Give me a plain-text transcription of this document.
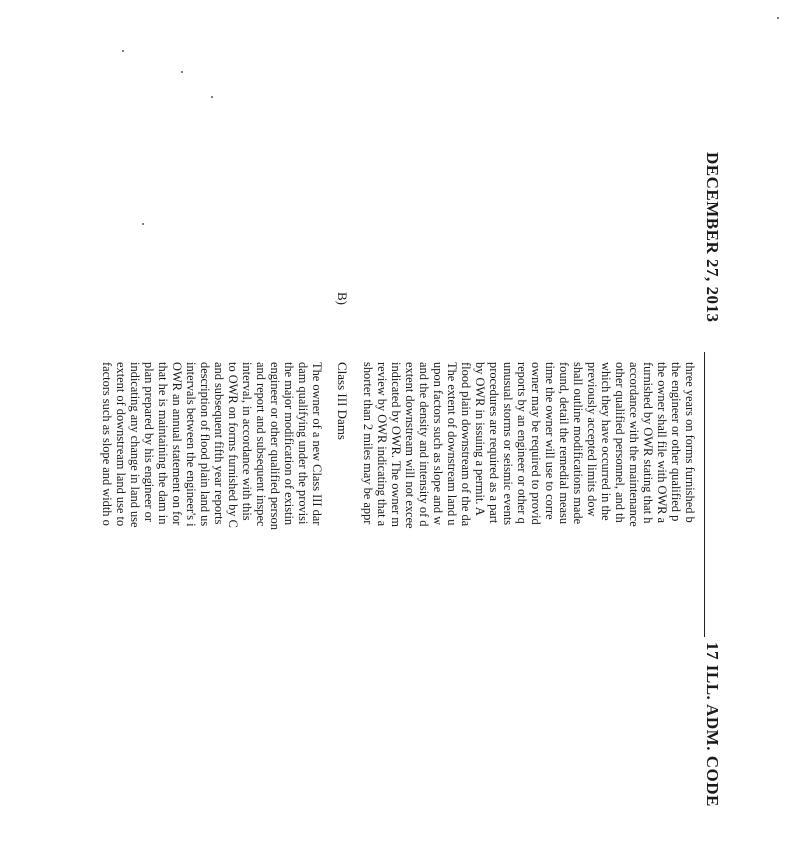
DECEMBER 27, 2013
17 ILL. ADM. CODE
three years on forms furnished b
the engineer or other qualified p
the owner shall file with OWR a
furnished by OWR stating that h
accordance with the maintenance
other qualified personnel, and th
which they have occurred in the
previously accepted limits dow
shall outline modifications made
found, detail the remedial measu
time the owner will use to corre
owner may be required to provid
reports by an engineer or other q
unusual storms or seismic events
procedures are required as a part
by OWR in issuing a permit. A
flood plain downstream of the da
The extent of downstream land u
upon factors such as slope and w
and the density and intensity of d
extent downstream will not excee
indicated by OWR. The owner m
review by OWR indicating that a
shorter than 2 miles may be appr
B)
Class III Dams
The owner of a new Class III dar
dam qualifying under the provisi
the major modification of existin
engineer or other qualified person
and report and subsequent inspec
interval, in accordance with this
to OWR on forms furnished by C
and subsequent fifth year reports
description of flood plain land us
intervals between the engineer's i
OWR an annual statement on for
that he is maintaining the dam in
plan prepared by his engineer or
indicating any change in land use
extent of downstream land use to
factors such as slope and width o
